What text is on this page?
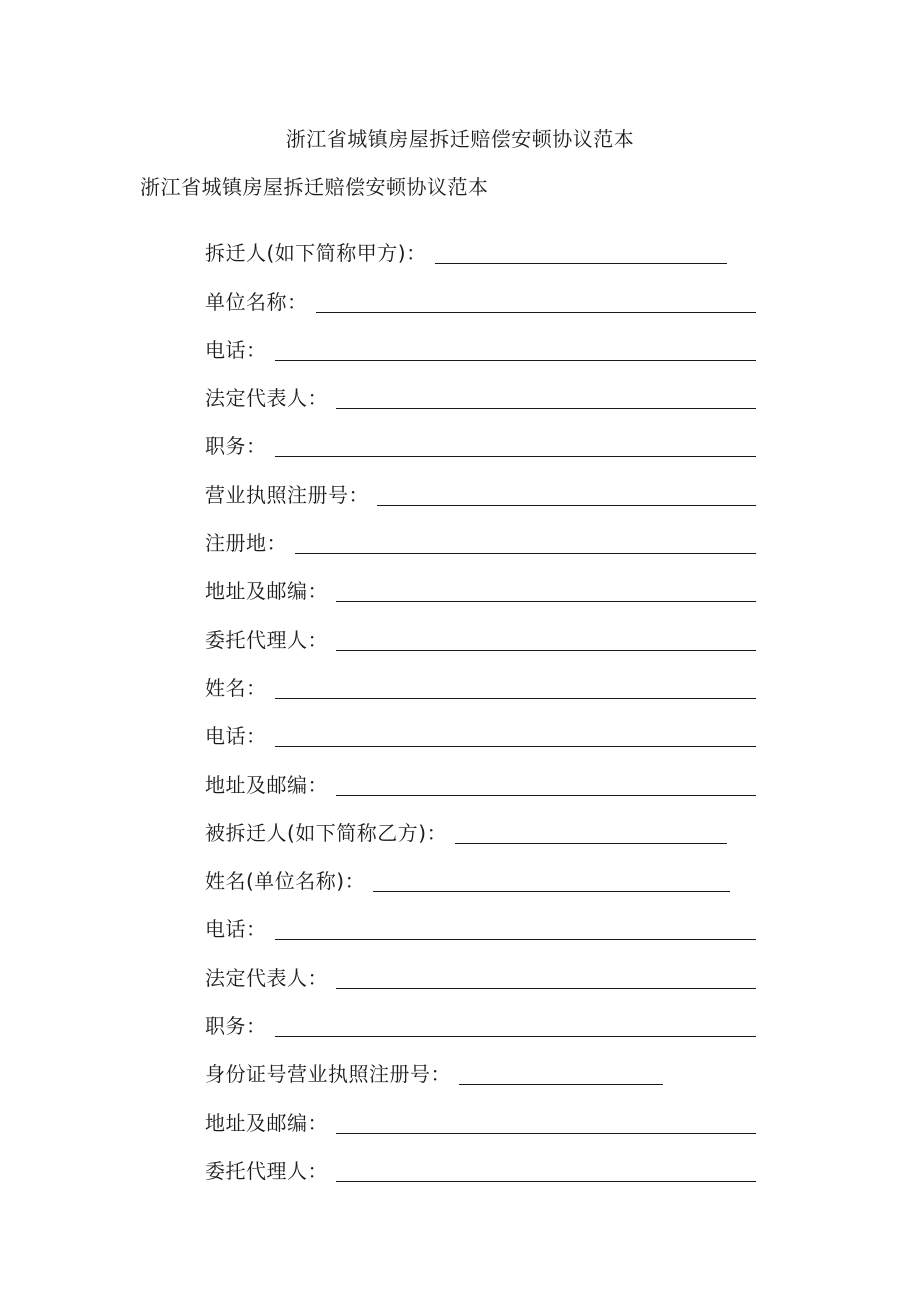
浙江省城镇房屋拆迁赔偿安顿协议范本
浙江省城镇房屋拆迁赔偿安顿协议范本
拆迁人(如下简称甲方)：
单位名称：
电话：
法定代表人：
职务：
营业执照注册号：
注册地：
地址及邮编：
委托代理人：
姓名：
电话：
地址及邮编：
被拆迁人(如下简称乙方)：
姓名(单位名称)：
电话：
法定代表人：
职务：
身份证号营业执照注册号：
地址及邮编：
委托代理人：
